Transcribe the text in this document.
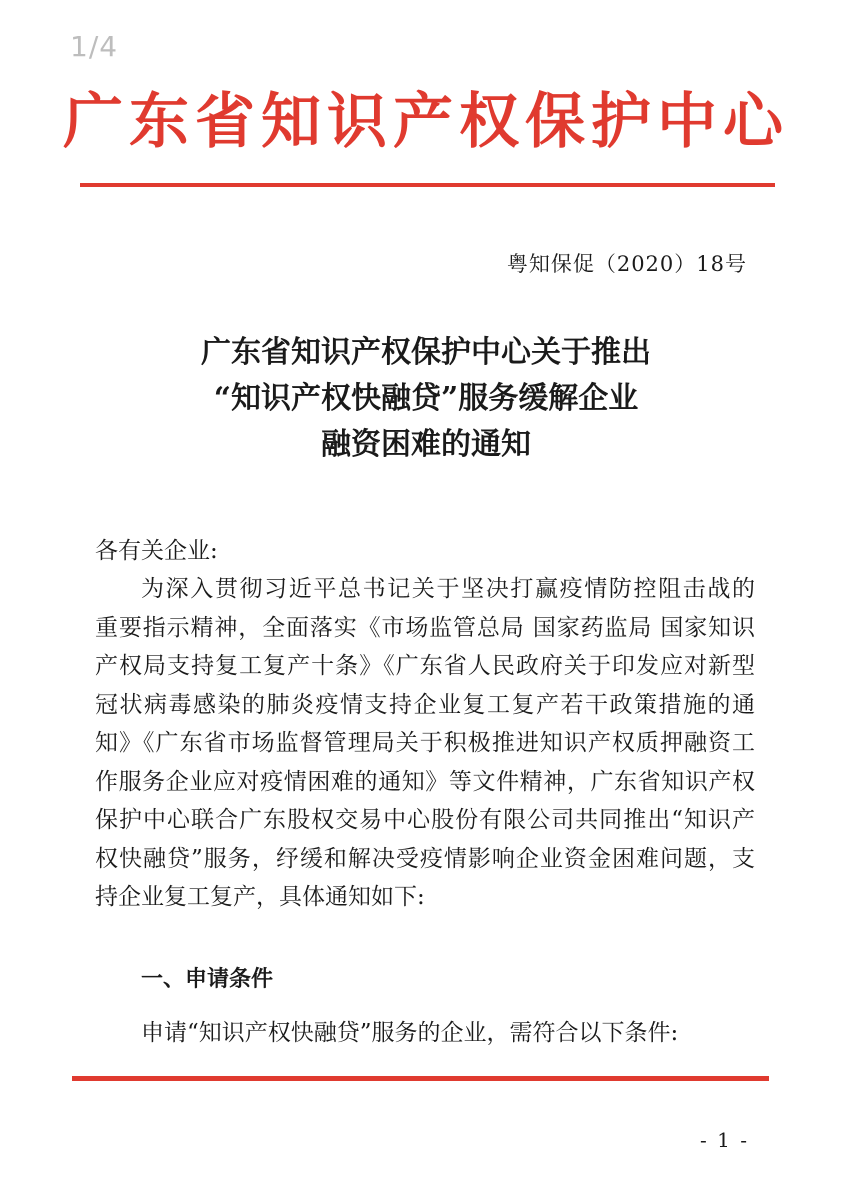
1/4
广东省知识产权保护中心
粤知保促（2020）18号
广东省知识产权保护中心关于推出
“知识产权快融贷”服务缓解企业
融资困难的通知
各有关企业:
为深入贯彻习近平总书记关于坚决打赢疫情防控阻击战的
重要指示精神，全面落实《市场监管总局 国家药监局 国家知识
产权局支持复工复产十条》《广东省人民政府关于印发应对新型
冠状病毒感染的肺炎疫情支持企业复工复产若干政策措施的通
知》《广东省市场监督管理局关于积极推进知识产权质押融资工
作服务企业应对疫情困难的通知》等文件精神，广东省知识产权
保护中心联合广东股权交易中心股份有限公司共同推出“知识产
权快融贷”服务，纾缓和解决受疫情影响企业资金困难问题，支
持企业复工复产，具体通知如下:
一、申请条件
申请“知识产权快融贷”服务的企业，需符合以下条件:
- 1 -
